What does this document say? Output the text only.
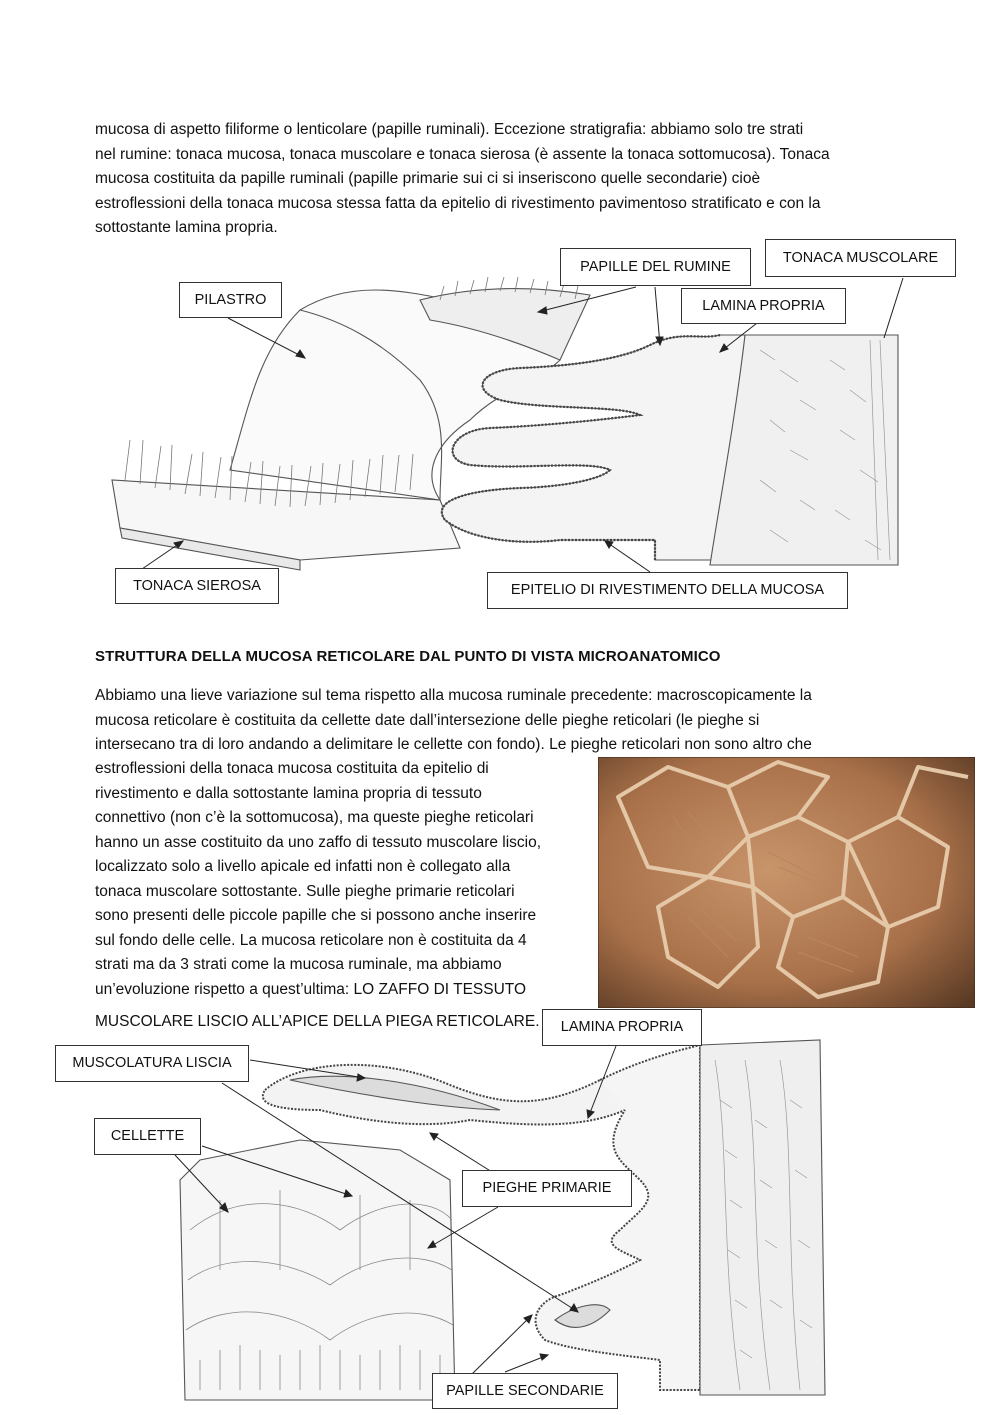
mucosa di aspetto filiforme o lenticolare (papille ruminali). Eccezione stratigrafia: abbiamo solo tre strati
nel rumine: tonaca mucosa, tonaca muscolare e tonaca sierosa (è assente la tonaca sottomucosa). Tonaca
mucosa costituita da papille ruminali (papille primarie sui ci si inseriscono quelle secondarie) cioè
estroflessioni della tonaca mucosa stessa fatta da epitelio di rivestimento pavimentoso stratificato e con la
sottostante lamina propria.
PAPILLE DEL RUMINE
TONACA MUSCOLARE
PILASTRO	LAMINA PROPRIA
TONACA SIEROSA	EPITELIO DI RIVESTIMENTO DELLA MUCOSA
STRUTTURA DELLA MUCOSA RETICOLARE DAL PUNTO DI VISTA MICROANATOMICO
Abbiamo una lieve variazione sul tema rispetto alla mucosa ruminale precedente: macroscopicamente la
mucosa reticolare è costituita da cellette date dall’intersezione delle pieghe reticolari (le pieghe si
intersecano tra di loro andando a delimitare le cellette con fondo). Le pieghe reticolari non sono altro che
estroflessioni della tonaca mucosa costituita da epitelio di
rivestimento e dalla sottostante lamina propria di tessuto
connettivo (non c’è la sottomucosa), ma queste pieghe reticolari
hanno un asse costituito da uno zaffo di tessuto muscolare liscio,
localizzato solo a livello apicale ed infatti non è collegato alla
tonaca muscolare sottostante. Sulle pieghe primarie reticolari
sono presenti delle piccole papille che si possono anche inserire
sul fondo delle celle. La mucosa reticolare non è costituita da 4
strati ma da 3 strati come la mucosa ruminale, ma abbiamo
un’evoluzione rispetto a quest’ultima: LO ZAFFO DI TESSUTO
MUSCOLARE LISCIO ALL’APICE DELLA PIEGA RETICOLARE.	LAMINA PROPRIA
MUSCOLATURA LISCIA
CELLETTE
PIEGHE PRIMARIE
PAPILLE SECONDARIE
